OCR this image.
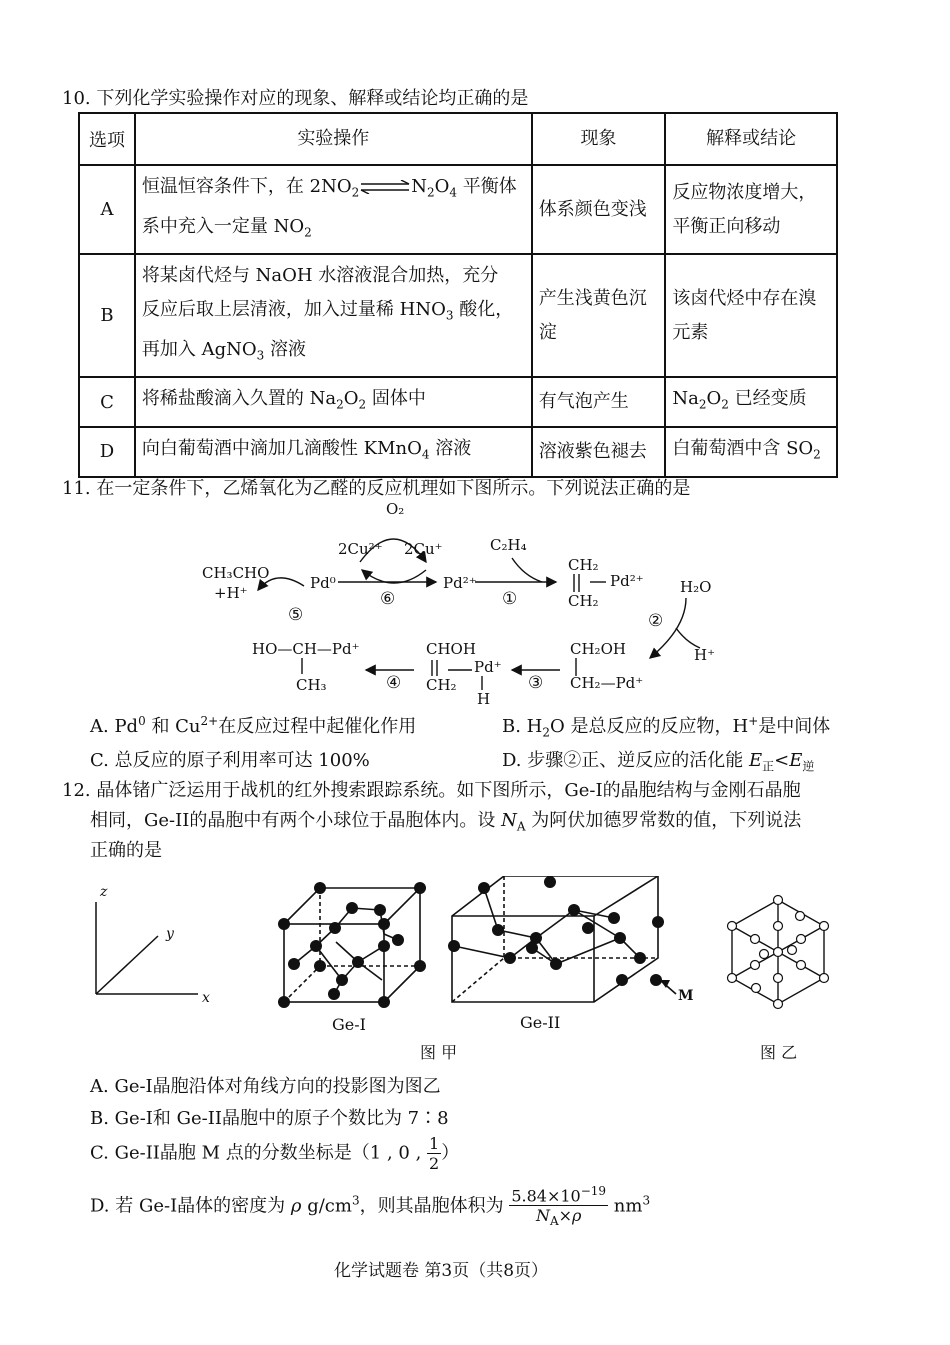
10. 下列化学实验操作对应的现象、解释或结论均正确的是
选项	实验操作	现象	解释或结论
A	恒温恒容条件下，在 $2NO_2\rightleftharpoons N_2O_4$ 平衡体
系中充入一定量 $NO_2$	体系颜色变浅	反应物浓度增大，
平衡正向移动
B	将某卤代烃与 NaOH 水溶液混合加热，充分
反应后取上层清液，加入过量稀 $HNO_3$ 酸化，
再加入 AgNO$_3$ 溶液	产生浅黄色沉
淀	该卤代烃中存在溴
元素
C	将稀盐酸滴入久置的 $Na_2O_2$ 固体中	有气泡产生	$Na_2O_2$ 已经变质
D	向白葡萄酒中滴加几滴酸性 KMnO$_4$ 溶液	溶液紫色褪去	白葡萄酒中含 $SO_2$
11. 在一定条件下，乙烯氧化为乙醛的反应机理如下图所示。下列说法正确的是
O₂
2Cu²⁺ 2Cu⁺	C₂H₄
Pd⁰	Pd²⁺
CH₃CHO
+H⁺
CH₂
CH₂
Pd²⁺ H₂O
H⁺
CH₂OH
CH₂—Pd⁺
CHOH
CH₂
Pd⁺
H
HO—CH—Pd⁺
CH₃
⑤
⑥	①
②
③
④
A. Pd$^0$ 和 $Cu^{2+}$在反应过程中起催化作用	B. $H_2O$ 是总反应的反应物，H+是中间体
C. 总反应的原子利用率可达 100%	D. 步骤②正、逆反应的活化能 $E_正<E_逆$
12. 晶体锗广泛运用于战机的红外搜索跟踪系统。如下图所示，Ge-I的晶胞结构与金刚石晶胞
相同，Ge-II的晶胞中有两个小球位于晶胞体内。设 $N_A$ 为阿伏加德罗常数的值，下列说法
正确的是
z
y
x
Ge-I	Ge-II
M
图 甲	图 乙
A. Ge-I晶胞沿体对角线方向的投影图为图乙
B. Ge-I和 Ge-II晶胞中的原子个数比为 7∶8
C. Ge-II晶胞 M 点的分数坐标是（1 , 0 , $\frac{1}{2}$ ）
D. 若 Ge-I晶体的密度为 ρ $g/cm^3$，则其晶胞体积为 $\frac{5.84\times 10^{-19}}{N_A\times\rho} nm^3$
化学试题卷 第3页（共8页）
